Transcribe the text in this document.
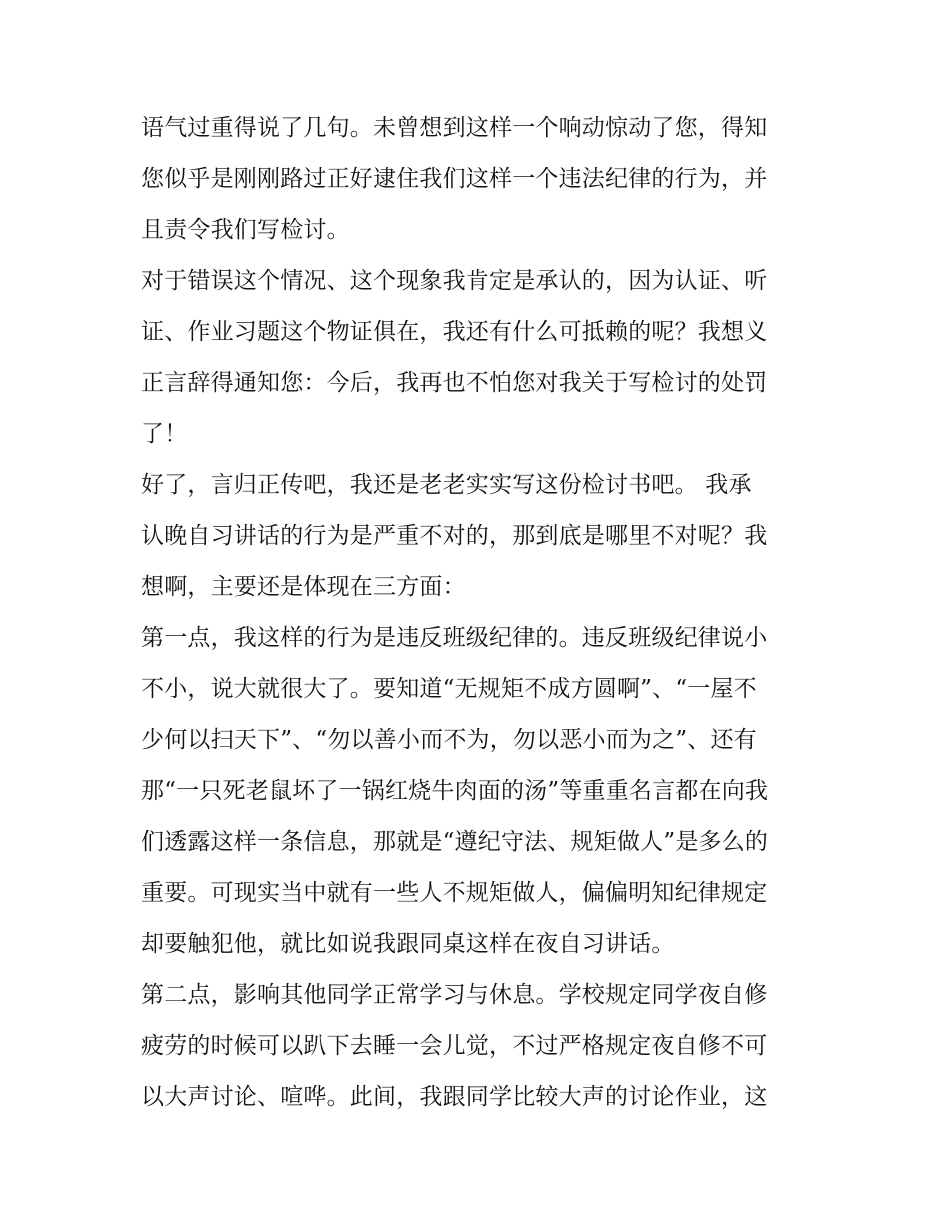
语气过重得说了几句。未曾想到这样一个响动惊动了您，得知
您似乎是刚刚路过正好逮住我们这样一个违法纪律的行为，并
且责令我们写检讨。
对于错误这个情况、这个现象我肯定是承认的，因为认证、听
证、作业习题这个物证俱在，我还有什么可抵赖的呢？我想义
正言辞得通知您：今后，我再也不怕您对我关于写检讨的处罚
了！
好了，言归正传吧，我还是老老实实写这份检讨书吧。 我承
认晚自习讲话的行为是严重不对的，那到底是哪里不对呢？我
想啊，主要还是体现在三方面：
第一点，我这样的行为是违反班级纪律的。违反班级纪律说小
不小，说大就很大了。要知道“无规矩不成方圆啊”、“一屋不
少何以扫天下”、“勿以善小而不为，勿以恶小而为之”、还有
那“一只死老鼠坏了一锅红烧牛肉面的汤”等重重名言都在向我
们透露这样一条信息，那就是“遵纪守法、规矩做人”是多么的
重要。可现实当中就有一些人不规矩做人，偏偏明知纪律规定
却要触犯他，就比如说我跟同桌这样在夜自习讲话。
第二点，影响其他同学正常学习与休息。学校规定同学夜自修
疲劳的时候可以趴下去睡一会儿觉，不过严格规定夜自修不可
以大声讨论、喧哗。此间，我跟同学比较大声的讨论作业，这
